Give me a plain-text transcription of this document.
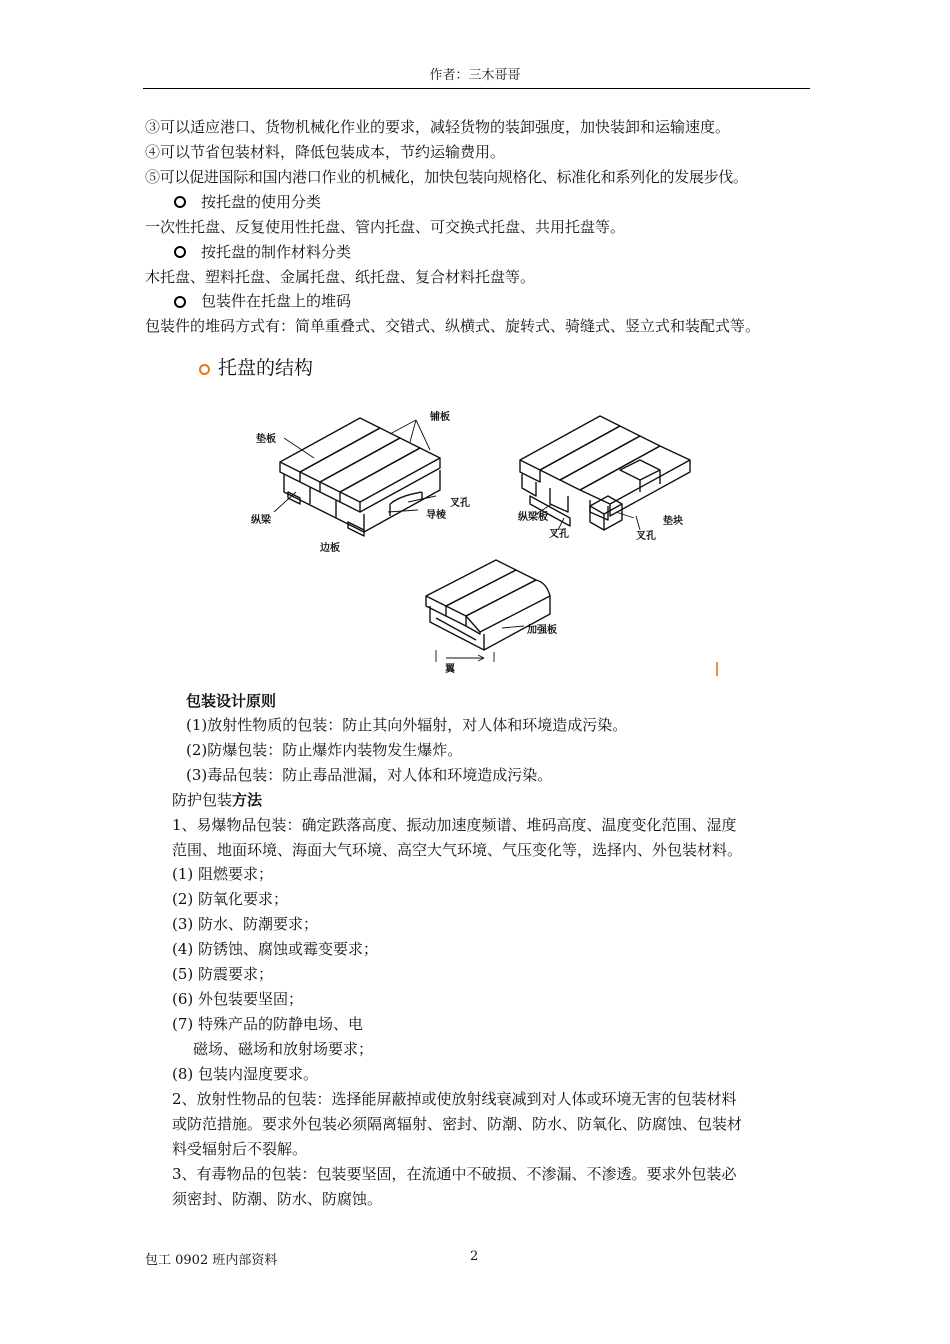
作者：三木哥哥
③可以适应港口、货物机械化作业的要求，减轻货物的装卸强度，加快装卸和运输速度。
④可以节省包装材料，降低包装成本，节约运输费用。
⑤可以促进国际和国内港口作业的机械化，加快包装向规格化、标准化和系列化的发展步伐。
按托盘的使用分类
一次性托盘、反复使用性托盘、管内托盘、可交换式托盘、共用托盘等。
按托盘的制作材料分类
木托盘、塑料托盘、金属托盘、纸托盘、复合材料托盘等。
包装件在托盘上的堆码
包装件的堆码方式有：简单重叠式、交错式、纵横式、旋转式、骑缝式、竖立式和装配式等。
托盘的结构
铺板
垫板
纵梁
叉孔
导棱
边板
纵梁板
叉孔	叉孔
垫块
加强板
翼
包装设计原则
(1)放射性物质的包装：防止其向外辐射，对人体和环境造成污染。
(2)防爆包装：防止爆炸内装物发生爆炸。
(3)毒品包装：防止毒品泄漏，对人体和环境造成污染。
防护包装方法
1、易爆物品包装：确定跌落高度、振动加速度频谱、堆码高度、温度变化范围、湿度
范围、地面环境、海面大气环境、高空大气环境、气压变化等，选择内、外包装材料。
(1) 阻燃要求；
(2) 防氧化要求；
(3) 防水、防潮要求；
(4) 防锈蚀、腐蚀或霉变要求；
(5) 防震要求；
(6) 外包装要坚固；
(7) 特殊产品的防静电场、电
磁场、磁场和放射场要求；
(8) 包装内湿度要求。
2、放射性物品的包装：选择能屏蔽掉或使放射线衰减到对人体或环境无害的包装材料
或防范措施。要求外包装必须隔离辐射、密封、防潮、防水、防氧化、防腐蚀、包装材
料受辐射后不裂解。
3、有毒物品的包装：包装要坚固，在流通中不破损、不渗漏、不渗透。要求外包装必
须密封、防潮、防水、防腐蚀。
包工 0902 班内部资料	2
